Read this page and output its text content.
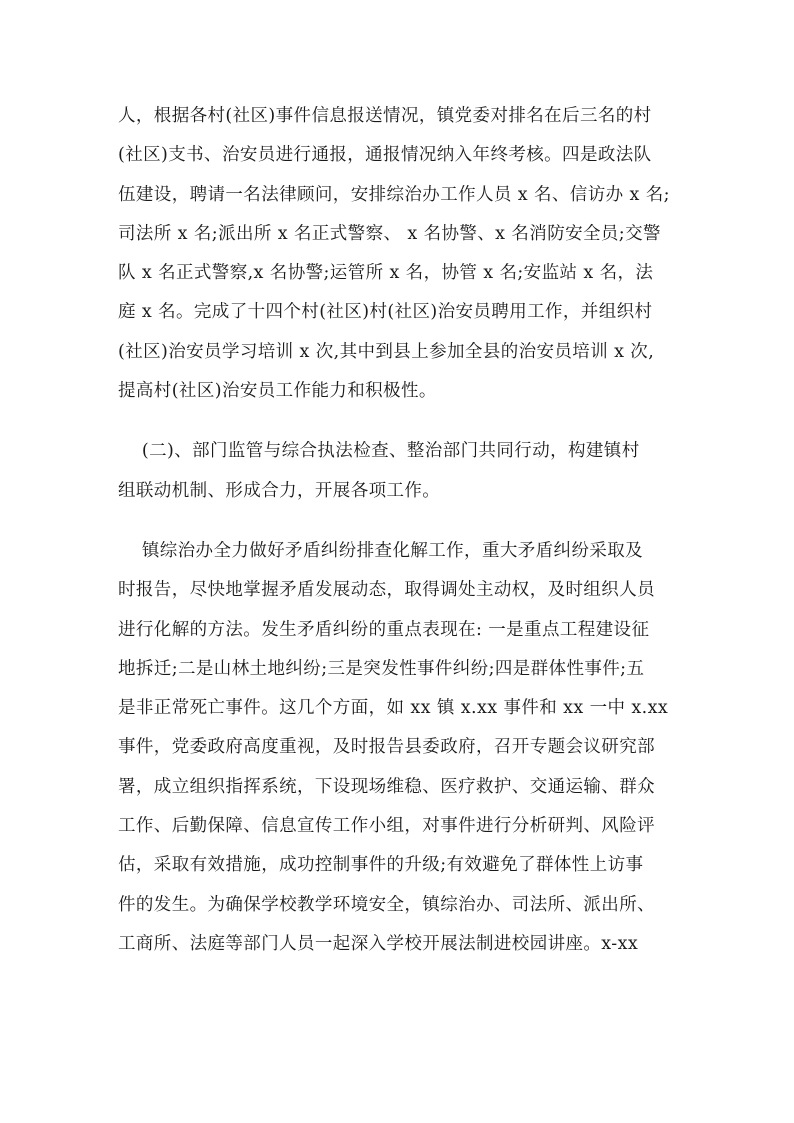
人，根据各村(社区)事件信息报送情况，镇党委对排名在后三名的村
(社区)支书、治安员进行通报，通报情况纳入年终考核。四是政法队
伍建设，聘请一名法律顾问，安排综治办工作人员 x 名、信访办 x 名;
司法所 x 名;派出所 x 名正式警察、 x 名协警、x 名消防安全员;交警
队 x 名正式警察,x 名协警;运管所 x 名，协管 x 名;安监站 x 名，法
庭 x 名。完成了十四个村(社区)村(社区)治安员聘用工作，并组织村
(社区)治安员学习培训 x 次,其中到县上参加全县的治安员培训 x 次,
提高村(社区)治安员工作能力和积极性。
(二)、部门监管与综合执法检查、整治部门共同行动，构建镇村
组联动机制、形成合力，开展各项工作。
镇综治办全力做好矛盾纠纷排查化解工作，重大矛盾纠纷采取及
时报告，尽快地掌握矛盾发展动态，取得调处主动权，及时组织人员
进行化解的方法。发生矛盾纠纷的重点表现在: 一是重点工程建设征
地拆迁;二是山林土地纠纷;三是突发性事件纠纷;四是群体性事件;五
是非正常死亡事件。这几个方面，如 xx 镇 x.xx 事件和 xx 一中 x.xx
事件，党委政府高度重视，及时报告县委政府，召开专题会议研究部
署，成立组织指挥系统，下设现场维稳、医疗救护、交通运输、群众
工作、后勤保障、信息宣传工作小组，对事件进行分析研判、风险评
估，采取有效措施，成功控制事件的升级;有效避免了群体性上访事
件的发生。为确保学校教学环境安全，镇综治办、司法所、派出所、
工商所、法庭等部门人员一起深入学校开展法制进校园讲座。x-xx
